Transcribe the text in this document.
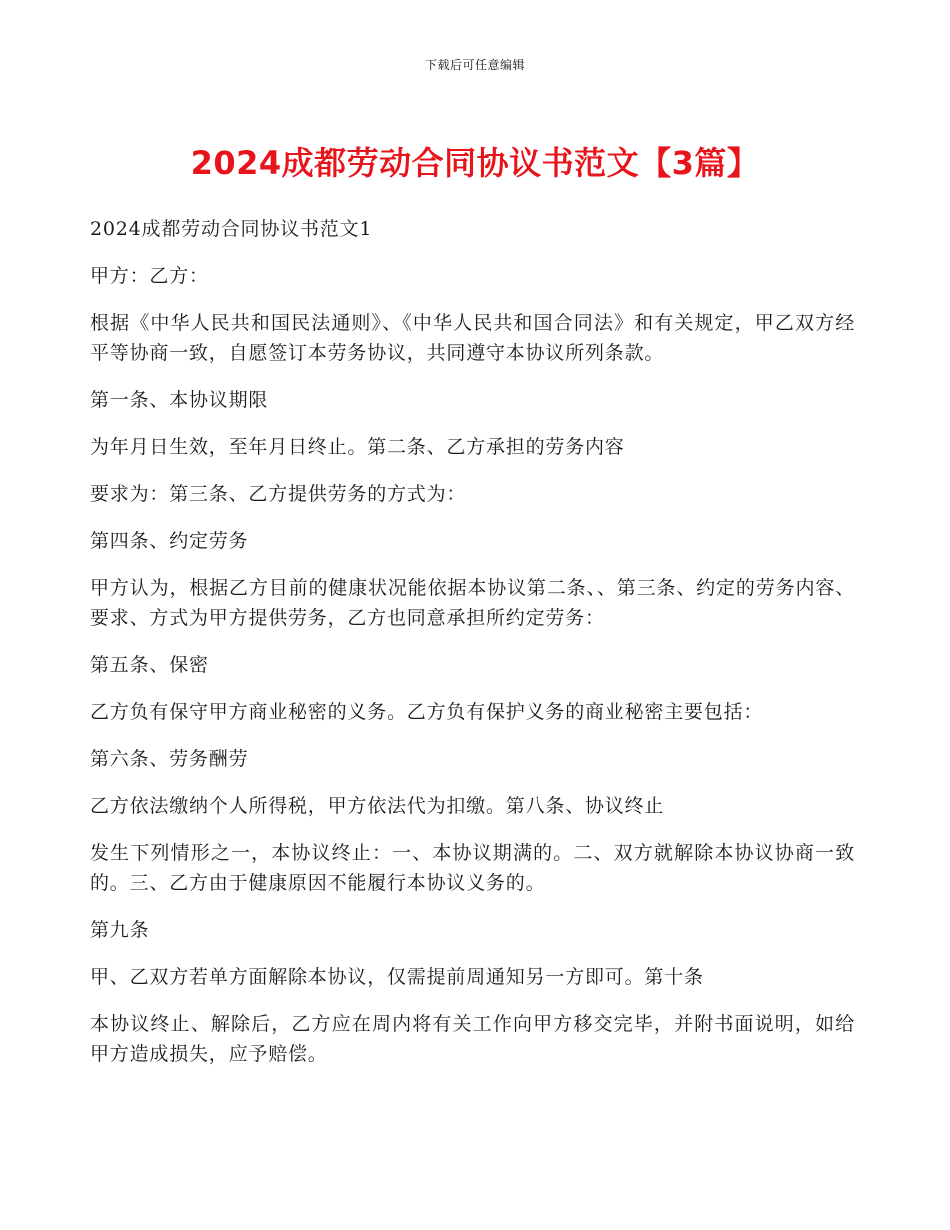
下载后可任意编辑
2024成都劳动合同协议书范文【3篇】

2024成都劳动合同协议书范文1

甲方：乙方：

根据《中华人民共和国民法通则》、《中华人民共和国合同法》和有关规定，甲乙双方经平等协商一致，自愿签订本劳务协议，共同遵守本协议所列条款。

第一条、本协议期限

为年月日生效，至年月日终止。第二条、乙方承担的劳务内容

要求为：第三条、乙方提供劳务的方式为：

第四条、约定劳务

甲方认为，根据乙方目前的健康状况能依据本协议第二条、、第三条、约定的劳务内容、要求、方式为甲方提供劳务，乙方也同意承担所约定劳务：

第五条、保密

乙方负有保守甲方商业秘密的义务。乙方负有保护义务的商业秘密主要包括：

第六条、劳务酬劳

乙方依法缴纳个人所得税，甲方依法代为扣缴。第八条、协议终止

发生下列情形之一，本协议终止：一、本协议期满的。二、双方就解除本协议协商一致的。三、乙方由于健康原因不能履行本协议义务的。

第九条

甲、乙双方若单方面解除本协议，仅需提前周通知另一方即可。第十条

本协议终止、解除后，乙方应在周内将有关工作向甲方移交完毕，并附书面说明，如给甲方造成损失，应予赔偿。
